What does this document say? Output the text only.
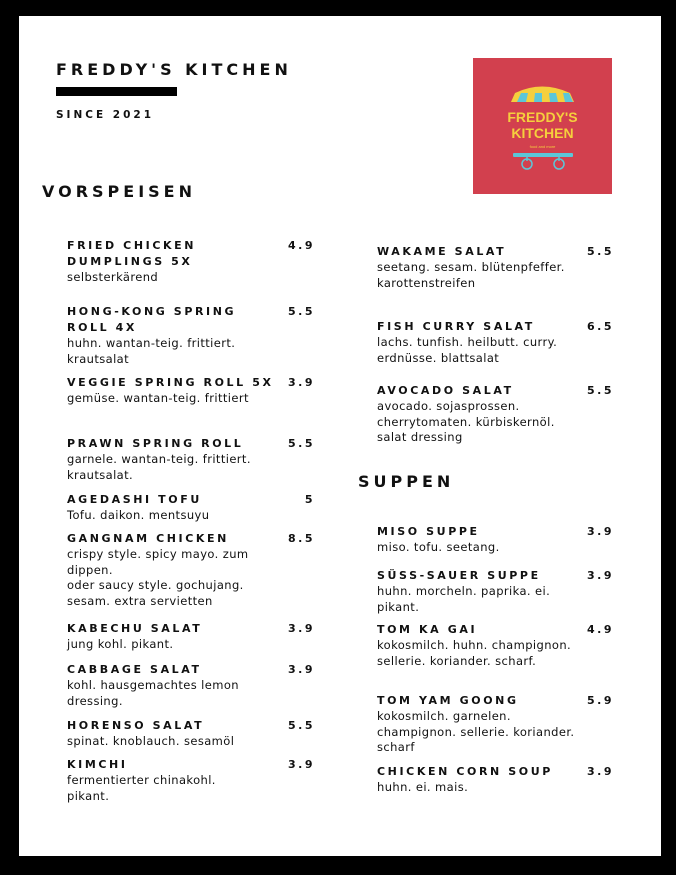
FREDDY'S KITCHEN
SINCE 2021	FREDDY'S
KITCHEN
food and more
VORSPEISEN
SUPPEN
FRIED CHICKEN DUMPLINGS 5X
4.9
selbsterkärend
HONG-KONG SPRING ROLL 4X
5.5
huhn. wantan-teig. frittiert. krautsalat
VEGGIE SPRING ROLL 5X	3.9
gemüse. wantan-teig. frittiert
PRAWN SPRING ROLL	5.5
garnele. wantan-teig. frittiert. krautsalat.
AGEDASHI TOFU	5
Tofu. daikon. mentsuyu
GANGNAM CHICKEN	8.5
crispy style. spicy mayo. zum dippen.
oder saucy style. gochujang. sesam. extra servietten
KABECHU SALAT	3.9
jung kohl. pikant.
CABBAGE SALAT	3.9
kohl. hausgemachtes lemon dressing.
HORENSO SALAT	5.5
spinat. knoblauch. sesamöl
KIMCHI	3.9
fermentierter chinakohl. pikant.
WAKAME SALAT	5.5
seetang. sesam. blütenpfeffer. karottenstreifen
FISH CURRY SALAT	6.5
lachs. tunfish. heilbutt. curry. erdnüsse. blattsalat
AVOCADO SALAT	5.5
avocado. sojasprossen. cherrytomaten. kürbiskernöl. salat dressing
MISO SUPPE	3.9
miso. tofu. seetang.
SÜSS-SAUER SUPPE	3.9
huhn. morcheln. paprika. ei. pikant.
TOM KA GAI	4.9
kokosmilch. huhn. champignon. sellerie. koriander. scharf.
TOM YAM GOONG	5.9
kokosmilch. garnelen. champignon. sellerie. koriander. scharf
CHICKEN CORN SOUP	3.9
huhn. ei. mais.
